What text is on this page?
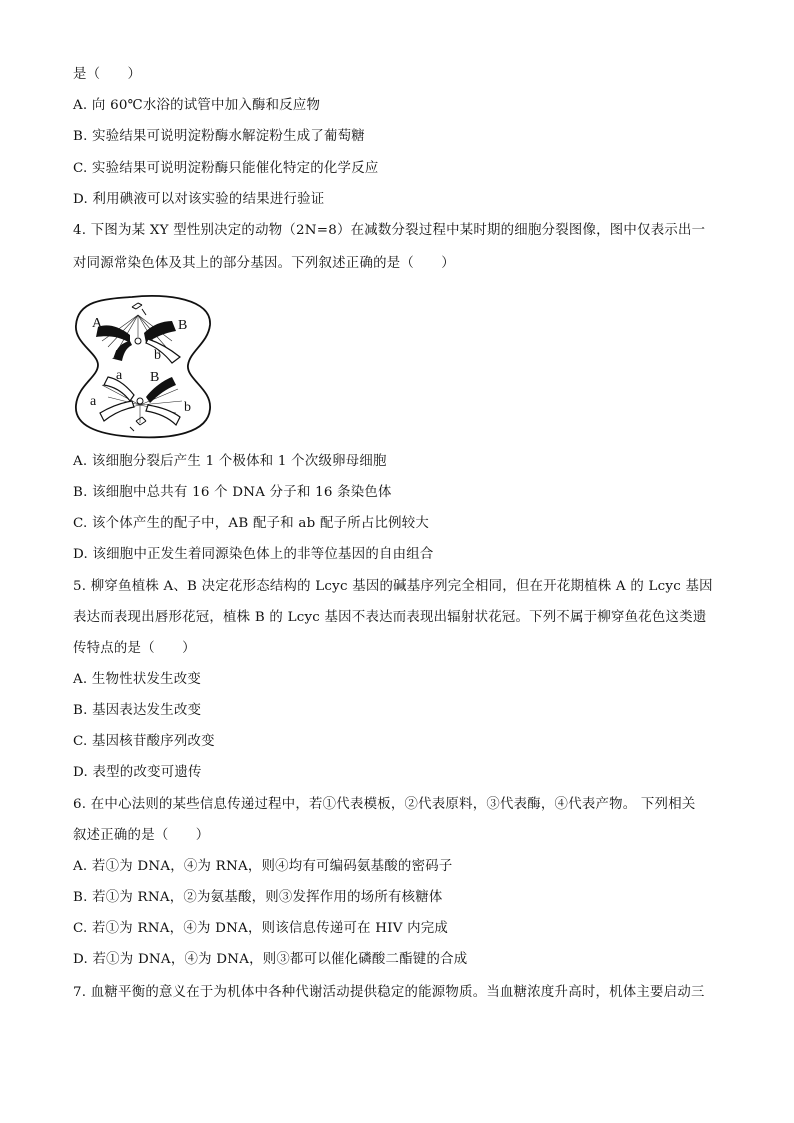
是（　　）
A. 向 60℃水浴的试管中加入酶和反应物
B. 实验结果可说明淀粉酶水解淀粉生成了葡萄糖
C. 实验结果可说明淀粉酶只能催化特定的化学反应
D. 利用碘液可以对该实验的结果进行验证
4. 下图为某 XY 型性别决定的动物（2N=8）在减数分裂过程中某时期的细胞分裂图像，图中仅表示出一
对同源常染色体及其上的部分基因。下列叙述正确的是（　　）
A	B
A b
a B
a	b
A. 该细胞分裂后产生 1 个极体和 1 个次级卵母细胞
B. 该细胞中总共有 16 个 DNA 分子和 16 条染色体
C. 该个体产生的配子中，AB 配子和 ab 配子所占比例较大
D. 该细胞中正发生着同源染色体上的非等位基因的自由组合
5. 柳穿鱼植株 A、B 决定花形态结构的 Lcyc 基因的碱基序列完全相同，但在开花期植株 A 的 Lcyc 基因
表达而表现出唇形花冠，植株 B 的 Lcyc 基因不表达而表现出辐射状花冠。下列不属于柳穿鱼花色这类遗
传特点的是（　　）
A. 生物性状发生改变
B. 基因表达发生改变
C. 基因核苷酸序列改变
D. 表型的改变可遗传
6. 在中心法则的某些信息传递过程中，若①代表模板，②代表原料，③代表酶，④代表产物。 下列相关
叙述正确的是（　　）
A. 若①为 DNA，④为 RNA，则④均有可编码氨基酸的密码子
B. 若①为 RNA，②为氨基酸，则③发挥作用的场所有核糖体
C. 若①为 RNA，④为 DNA，则该信息传递可在 HIV 内完成
D. 若①为 DNA，④为 DNA，则③都可以催化磷酸二酯键的合成
7. 血糖平衡的意义在于为机体中各种代谢活动提供稳定的能源物质。当血糖浓度升高时，机体主要启动三
